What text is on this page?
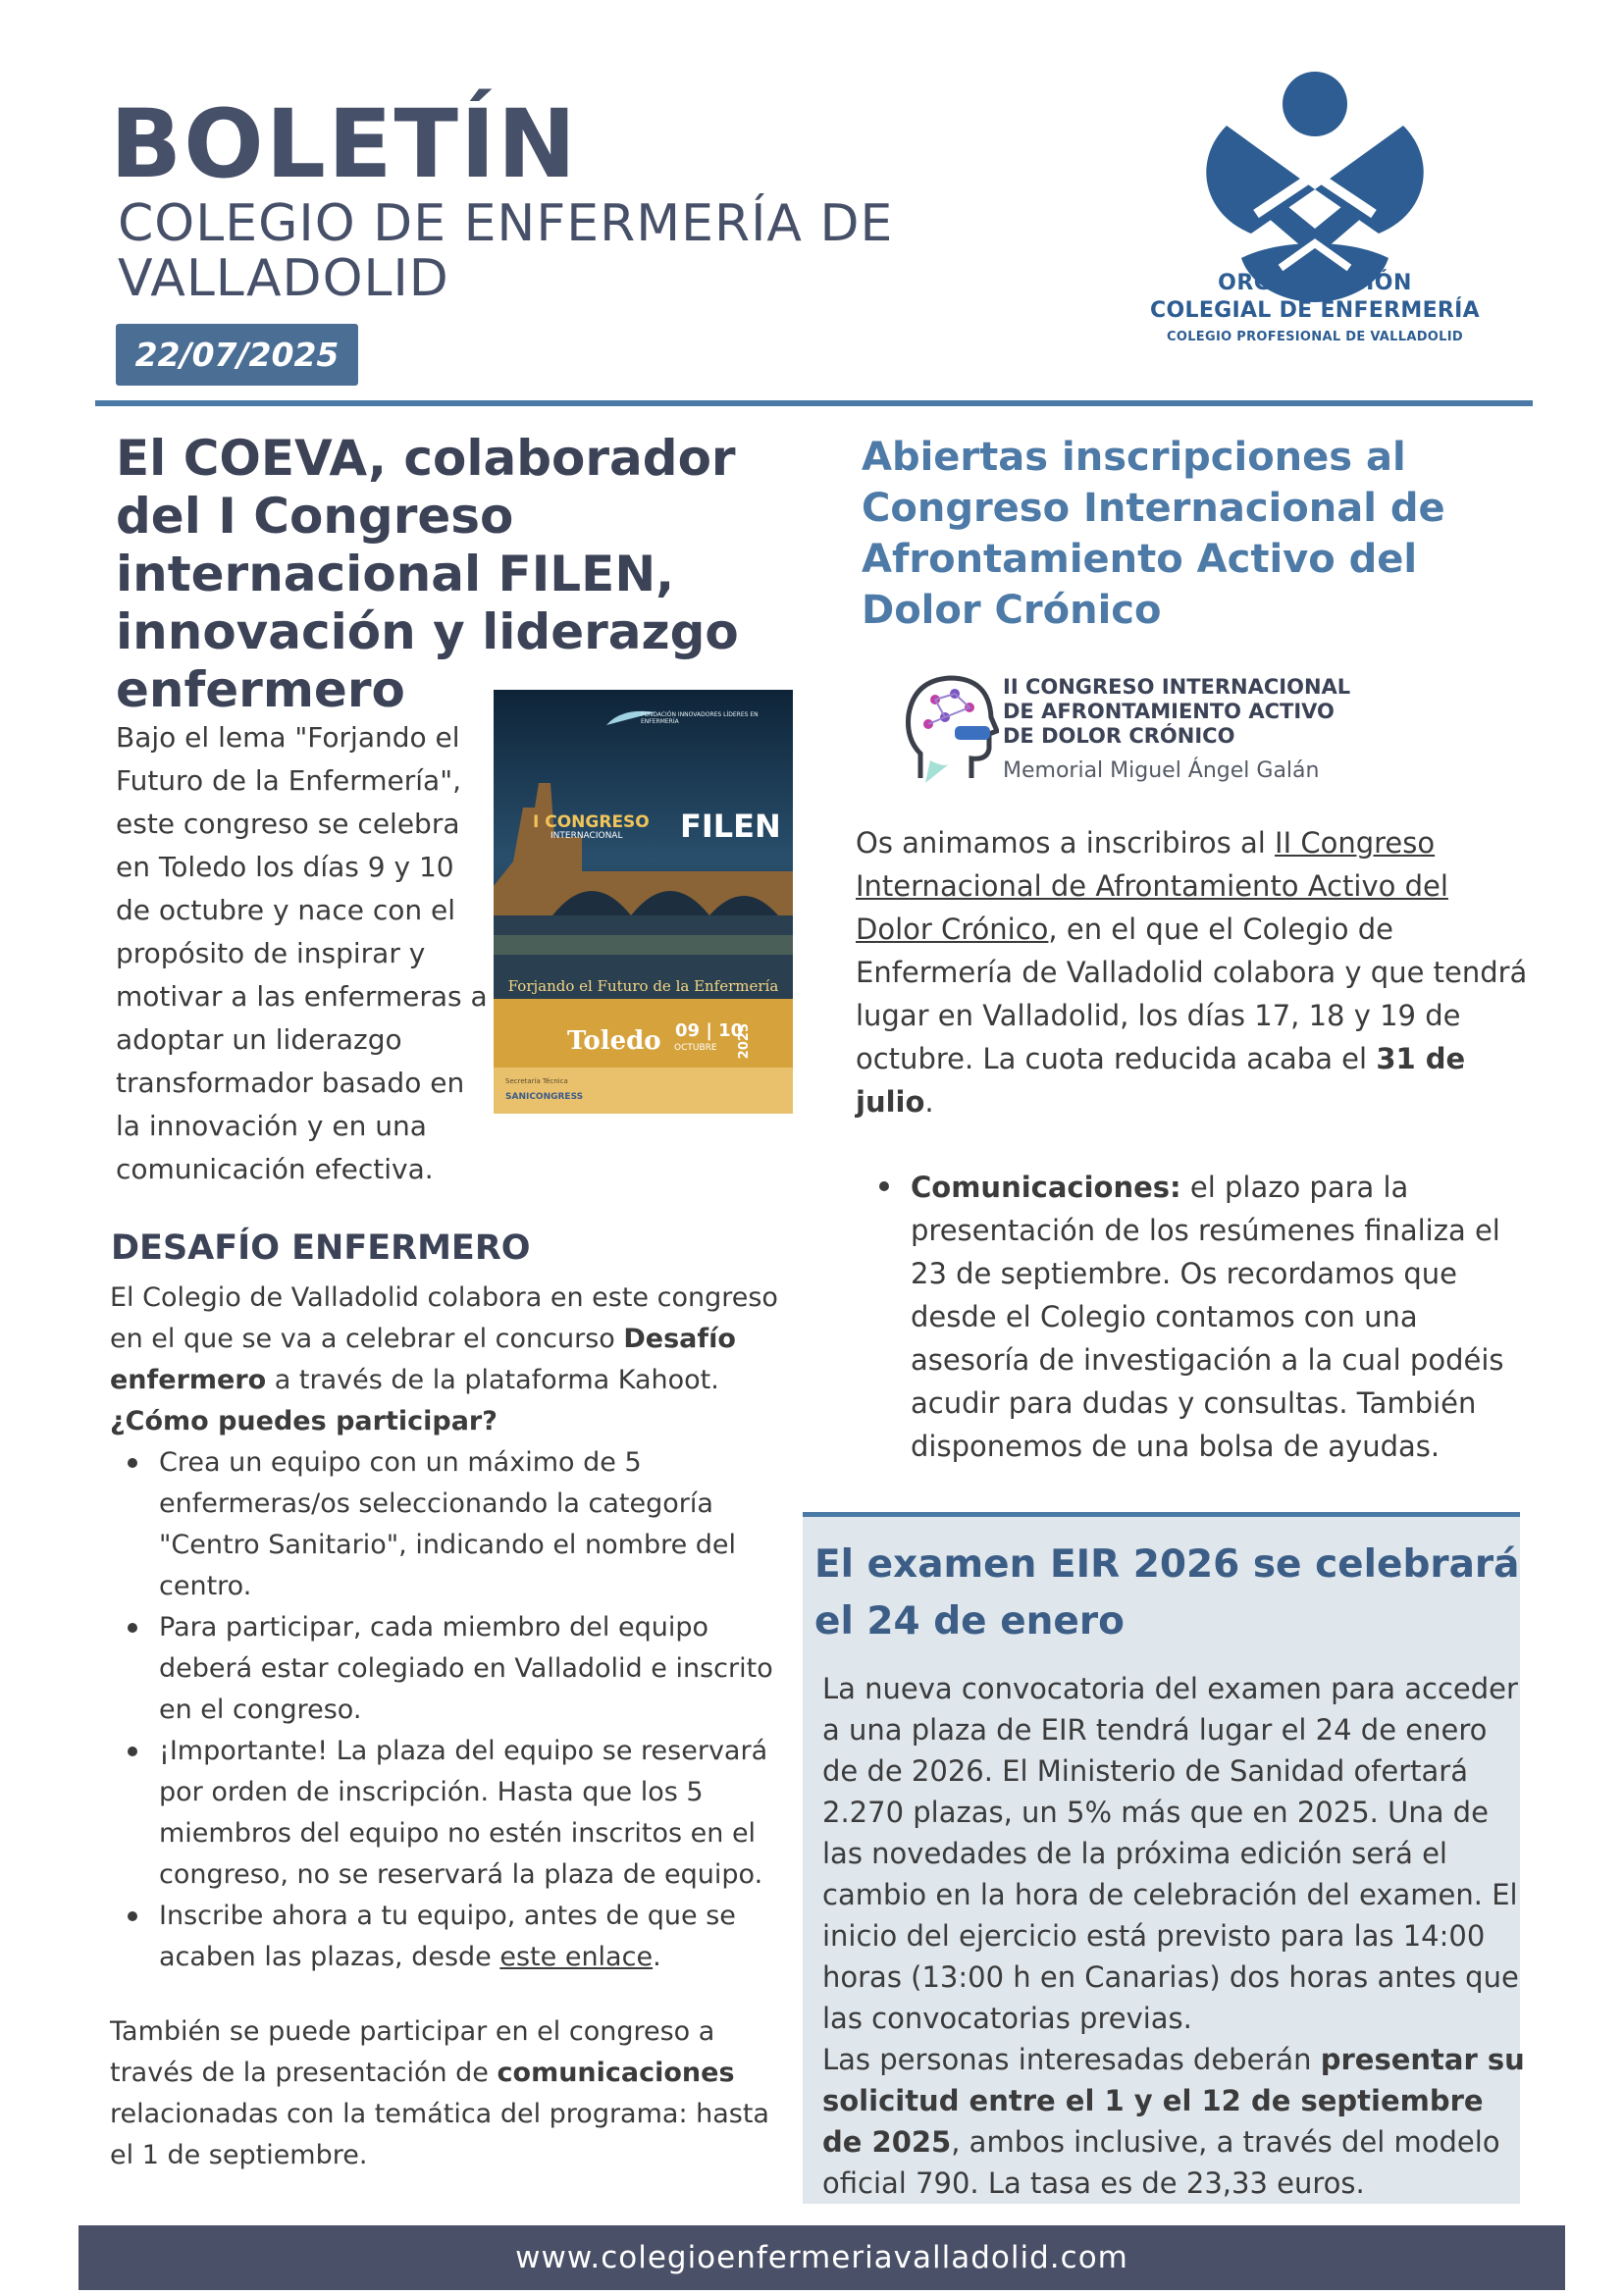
BOLETÍN
COLEGIO DE ENFERMERÍA DE VALLADOLID
22/07/2025
ORGANIZACIÓN
COLEGIAL DE ENFERMERÍA
COLEGIO PROFESIONAL DE VALLADOLID
El COEVA, colaborador del I Congreso internacional FILEN, innovación y liderazgo enfermero
Bajo el lema "Forjando el Futuro de la Enfermería", este congreso se celebra en Toledo los días 9 y 10 de octubre y nace con el propósito de inspirar y motivar a las enfermeras a adoptar un liderazgo transformador basado en la innovación y en una comunicación efectiva.
FUNDACIÓN INNOVADORES LÍDERES EN ENFERMERÍA
I CONGRESO
INTERNACIONAL FILEN
Forjando el Futuro de la Enfermería
Toledo 09 | 10
OCTUBRE 2025
Secretaría Técnica
SANICONGRESS
DESAFÍO ENFERMERO
El Colegio de Valladolid colabora en este congreso en el que se va a celebrar el concurso Desafío enfermero a través de la plataforma Kahoot.
¿Cómo puedes participar?
Crea un equipo con un máximo de 5 enfermeras/os seleccionando la categoría "Centro Sanitario", indicando el nombre del centro.
Para participar, cada miembro del equipo deberá estar colegiado en Valladolid e inscrito en el congreso.
¡Importante! La plaza del equipo se reservará por orden de inscripción. Hasta que los 5 miembros del equipo no estén inscritos en el congreso, no se reservará la plaza de equipo.
Inscribe ahora a tu equipo, antes de que se acaben las plazas, desde este enlace.
También se puede participar en el congreso a través de la presentación de comunicaciones relacionadas con la temática del programa: hasta el 1 de septiembre.
Abiertas inscripciones al Congreso Internacional de Afrontamiento Activo del Dolor Crónico
II CONGRESO INTERNACIONAL
DE AFRONTAMIENTO ACTIVO
DE DOLOR CRÓNICO
Memorial Miguel Ángel Galán
Os animamos a inscribiros al II Congreso Internacional de Afrontamiento Activo del Dolor Crónico, en el que el Colegio de Enfermería de Valladolid colabora y que tendrá lugar en Valladolid, los días 17, 18 y 19 de octubre. La cuota reducida acaba el 31 de julio.
Comunicaciones: el plazo para la presentación de los resúmenes finaliza el 23 de septiembre. Os recordamos que desde el Colegio contamos con una asesoría de investigación a la cual podéis acudir para dudas y consultas. También disponemos de una bolsa de ayudas.
El examen EIR 2026 se celebrará el 24 de enero
La nueva convocatoria del examen para acceder a una plaza de EIR tendrá lugar el 24 de enero de de 2026. El Ministerio de Sanidad ofertará 2.270 plazas, un 5% más que en 2025. Una de las novedades de la próxima edición será el cambio en la hora de celebración del examen. El inicio del ejercicio está previsto para las 14:00 horas (13:00 h en Canarias) dos horas antes que las convocatorias previas.
Las personas interesadas deberán presentar su solicitud entre el 1 y el 12 de septiembre de 2025, ambos inclusive, a través del modelo oficial 790. La tasa es de 23,33 euros.
www.colegioenfermeriavalladolid.com
